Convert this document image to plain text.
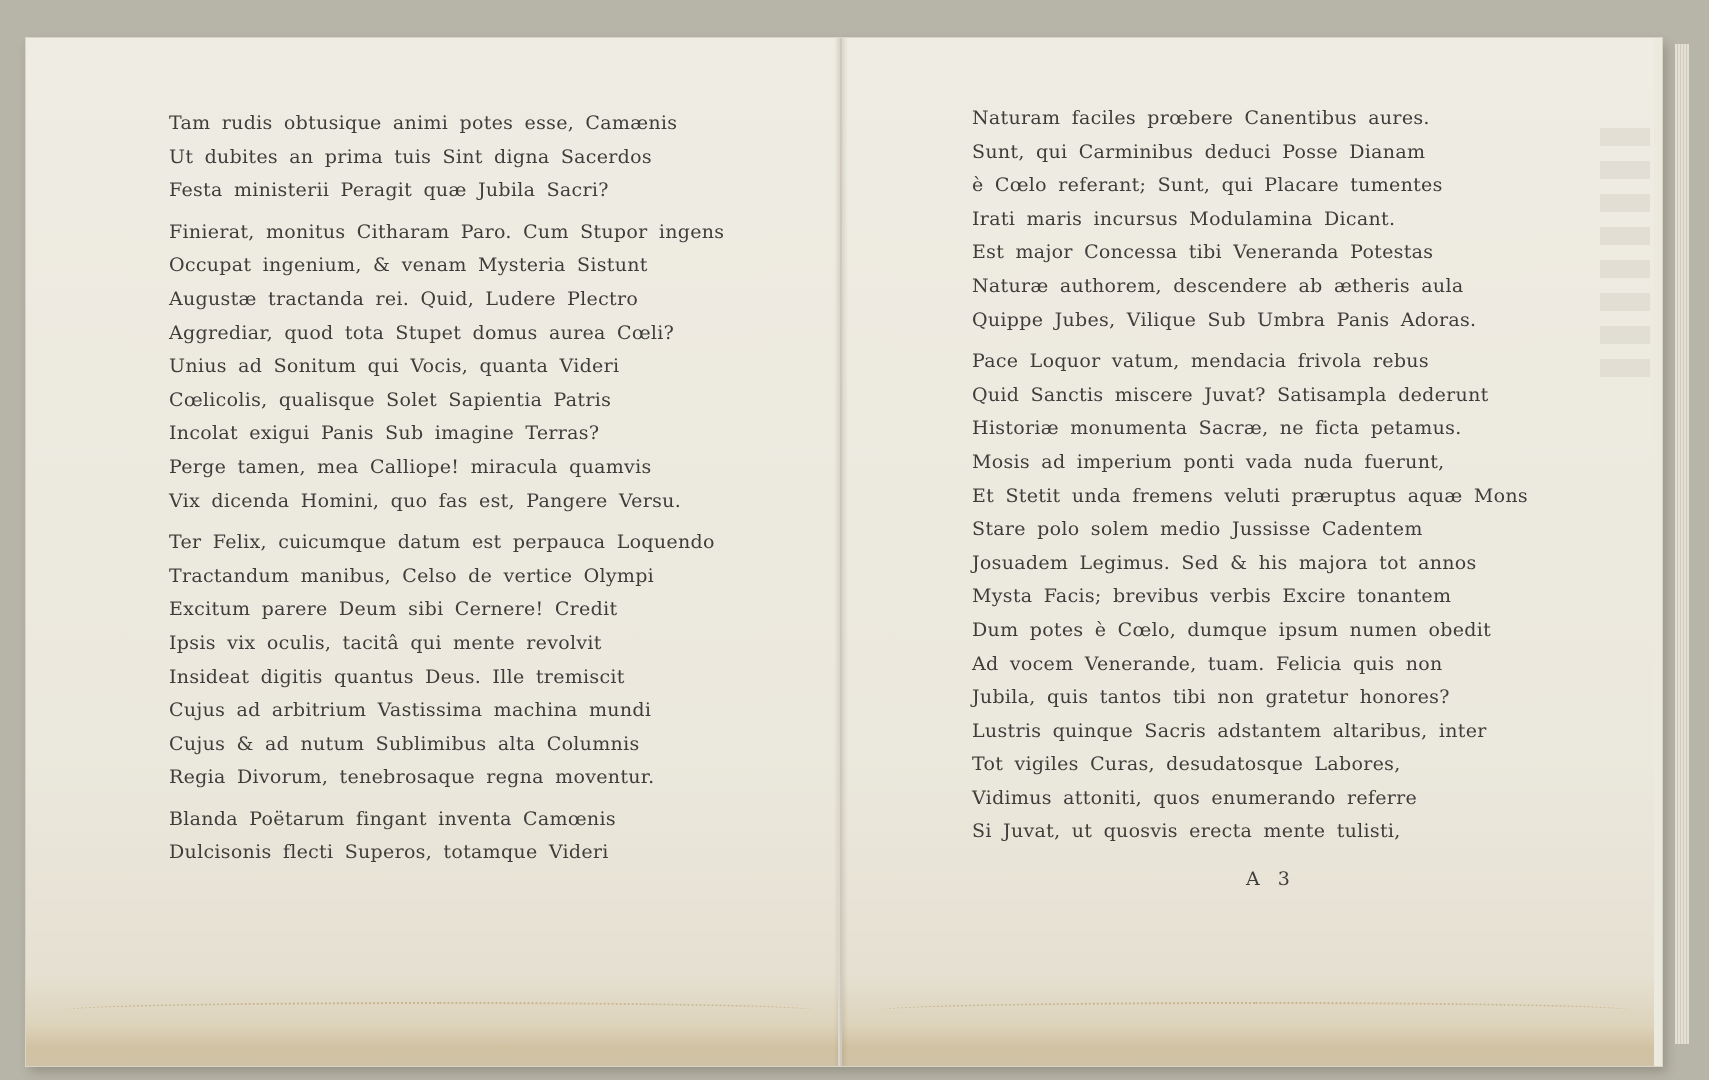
Tam rudis obtusique animi potes esse, Camænis
Ut dubites an prima tuis Sint digna Sacerdos
Festa ministerii Peragit quæ Jubila Sacri?
Finierat, monitus Citharam Paro. Cum Stupor ingens
Occupat ingenium, & venam Mysteria Sistunt
Augustæ tractanda rei. Quid, Ludere Plectro
Aggrediar, quod tota Stupet domus aurea Cœli?
Unius ad Sonitum qui Vocis, quanta Videri
Cœlicolis, qualisque Solet Sapientia Patris
Incolat exigui Panis Sub imagine Terras?
Perge tamen, mea Calliope! miracula quamvis
Vix dicenda Homini, quo fas est, Pangere Versu.
Ter Felix, cuicumque datum est perpauca Loquendo
Tractandum manibus, Celso de vertice Olympi
Excitum parere Deum sibi Cernere! Credit
Ipsis vix oculis, tacitâ qui mente revolvit
Insideat digitis quantus Deus. Ille tremiscit
Cujus ad arbitrium Vastissima machina mundi
Cujus & ad nutum Sublimibus alta Columnis
Regia Divorum, tenebrosaque regna moventur.
Blanda Poëtarum fingant inventa Camœnis
Dulcisonis flecti Superos, totamque Videri
Naturam faciles prœbere Canentibus aures.
Sunt, qui Carminibus deduci Posse Dianam
è Cœlo referant; Sunt, qui Placare tumentes
Irati maris incursus Modulamina Dicant.
Est major Concessa tibi Veneranda Potestas
Naturæ authorem, descendere ab ætheris aula
Quippe Jubes, Vilique Sub Umbra Panis Adoras.
Pace Loquor vatum, mendacia frivola rebus
Quid Sanctis miscere Juvat? Satisampla dederunt
Historiæ monumenta Sacræ, ne ficta petamus.
Mosis ad imperium ponti vada nuda fuerunt,
Et Stetit unda fremens veluti præruptus aquæ Mons
Stare polo solem medio Jussisse Cadentem
Josuadem Legimus. Sed & his majora tot annos
Mysta Facis; brevibus verbis Excire tonantem
Dum potes è Cœlo, dumque ipsum numen obedit
Ad vocem Venerande, tuam. Felicia quis non
Jubila, quis tantos tibi non gratetur honores?
Lustris quinque Sacris adstantem altaribus, inter
Tot vigiles Curas, desudatosque Labores,
Vidimus attoniti, quos enumerando referre
Si Juvat, ut quosvis erecta mente tulisti,
A 3
